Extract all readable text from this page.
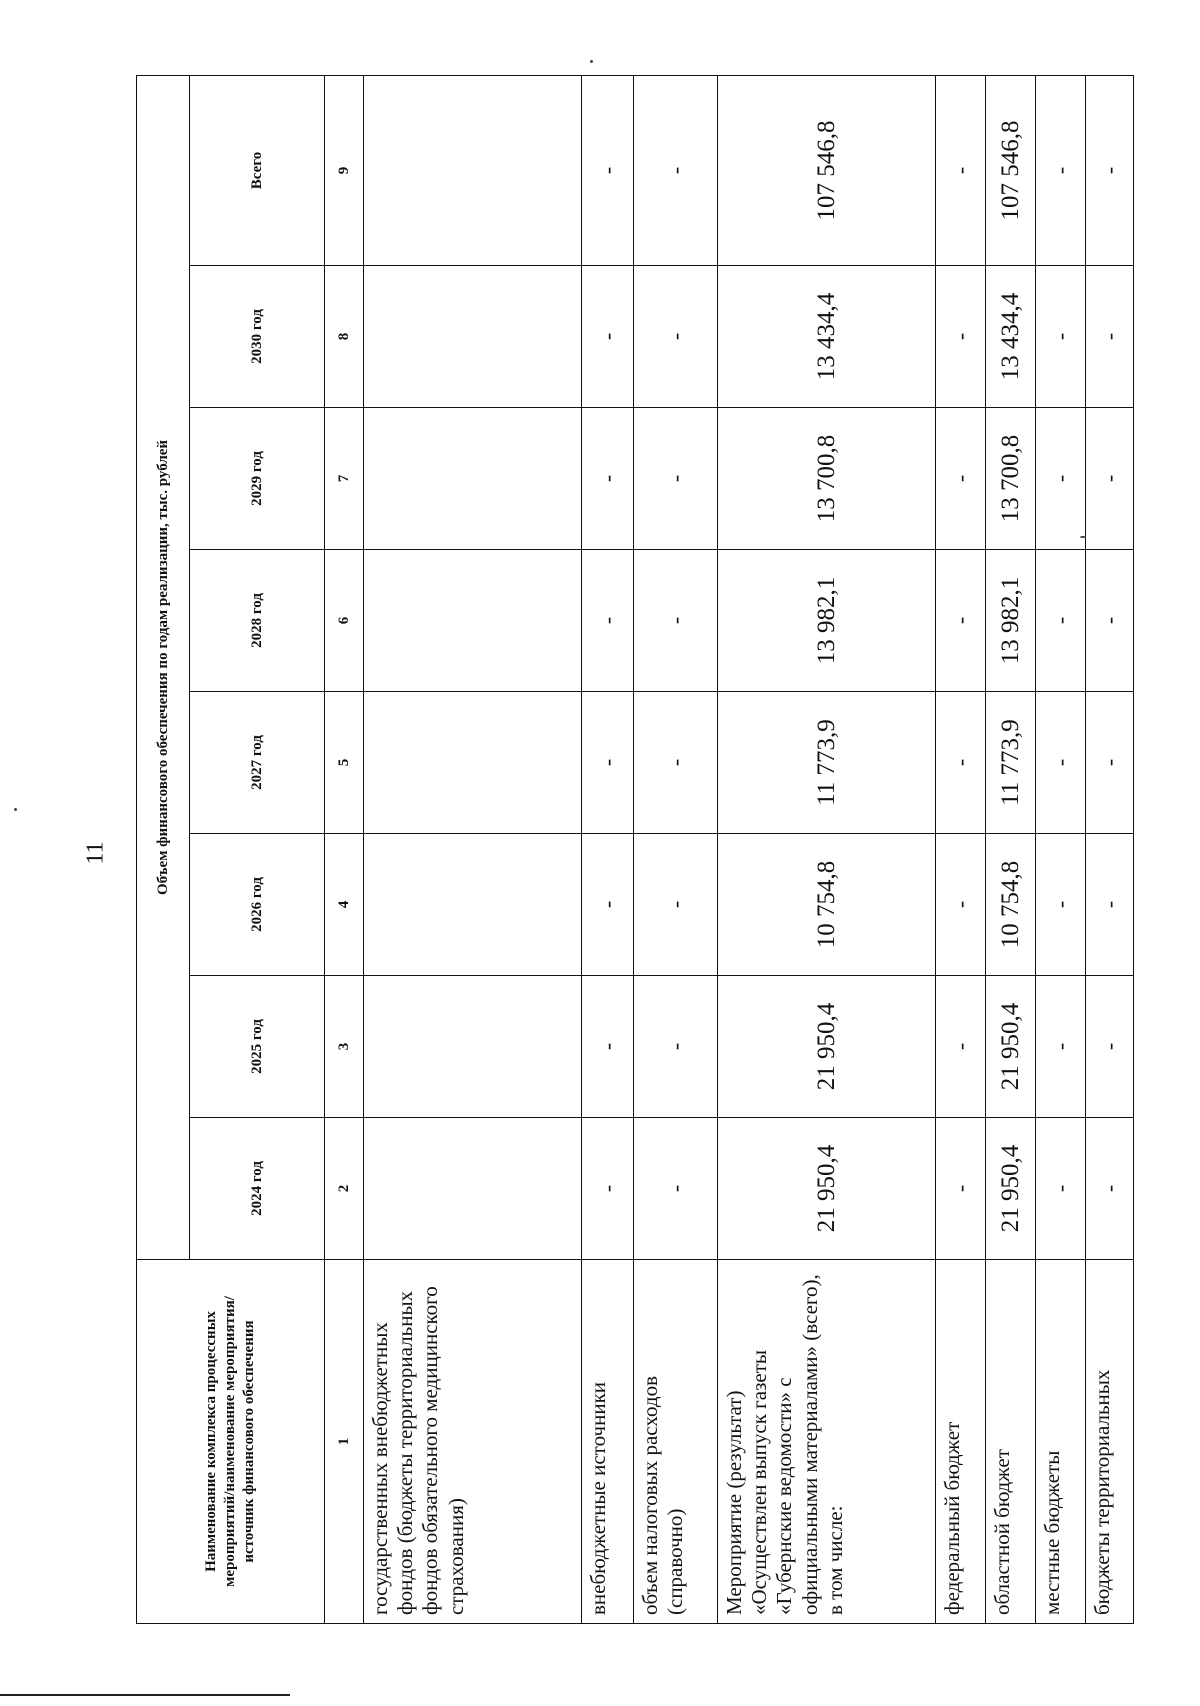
11
Наименование комплекса процессных мероприятий/наименование мероприятия/источник финансового обеспечения	Объем финансового обеспечения по годам реализации, тыс. рублей							
	2024 год	2025 год	2026 год	2027 год	2028 год	2029 год	2030 год	Всего
1	2	3	4	5	6	7	8	9
государственных внебюджетных фондов (бюджеты территориальных фондов обязательного медицинского страхования)								
внебюджетные источники	-	-	-	-	-	-	-	-
объем налоговых расходов (справочно)	-	-	-	-	-	-	-	-
Мероприятие (результат) «Осуществлен выпуск газеты «Губернские ведомости» с официальными материалами» (всего), в том числе:	21 950,4	21 950,4	10 754,8	11 773,9	13 982,1	13 700,8	13 434,4	107 546,8
федеральный бюджет	-	-	-	-	-	-	-	-
областной бюджет	21 950,4	21 950,4	10 754,8	11 773,9	13 982,1	13 700,8	13 434,4	107 546,8
местные бюджеты	-	-	-	-	-	-	-	-
бюджеты территориальных	-	-	-	-	-	-	-	-
